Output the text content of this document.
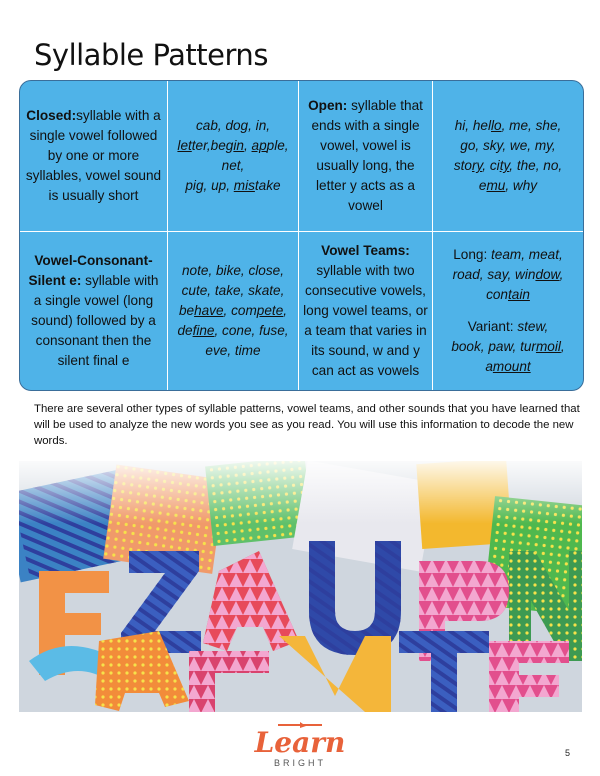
Syllable Patterns
Closed:syllable with a single vowel followed by one or more syllables, vowel sound is usually short
cab, dog, in, letter,begin, apple, net,
pig, up, mistake
Open: syllable that ends with a single vowel, vowel is usually long, the letter y acts as a vowel
hi, hello, me, she,
go, sky, we, my,
story, city, the, no,
emu, why
Vowel-Consonant-Silent e: syllable with a single vowel (long sound) followed by a consonant then the silent final e
note, bike, close,
cute, take, skate,
behave, compete,
define, cone, fuse,
eve, time
Vowel Teams: syllable with two consecutive vowels, long vowel teams, or a team that varies in its sound, w and y can act as vowels
Long: team, meat,
road, say, window,
contain
Variant: stew,
book, paw, turmoil,
amount
There are several other types of syllable patterns, vowel teams, and other sounds that you have learned that will be used to analyze the new words you see as you read. You will use this information to decode the new words.
Learn
BRIGHT
5
